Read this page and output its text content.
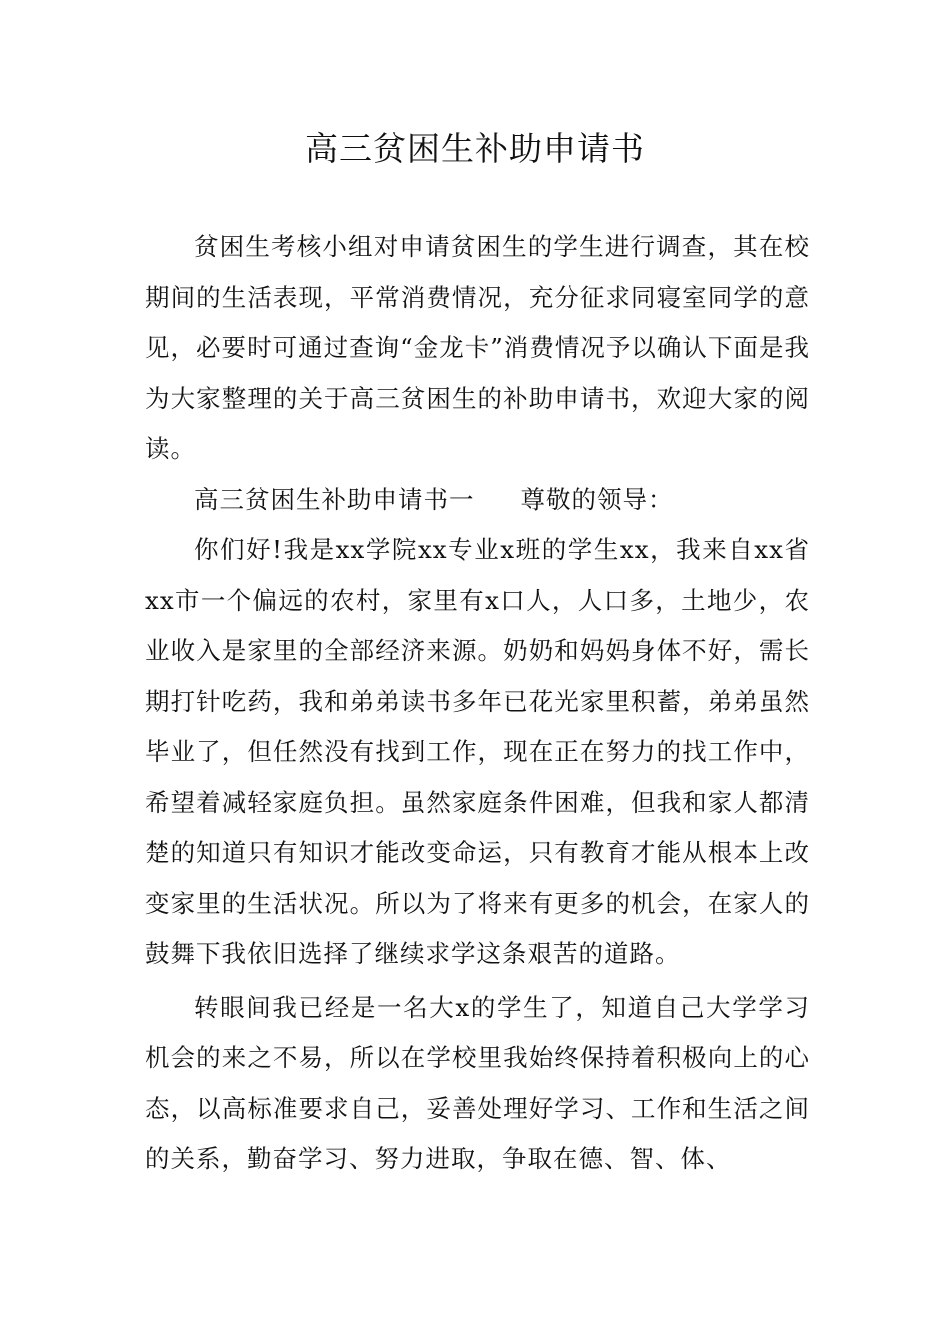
高三贫困生补助申请书

贫困生考核小组对申请贫困生的学生进行调查，其在校期间的生活表现，平常消费情况，充分征求同寝室同学的意见，必要时可通过查询“金龙卡”消费情况予以确认下面是我为大家整理的关于高三贫困生的补助申请书，欢迎大家的阅读。

高三贫困生补助申请书一 尊敬的领导：

你们好!我是xx学院xx专业x班的学生xx，我来自xx省xx市一个偏远的农村，家里有x口人，人口多，土地少，农业收入是家里的全部经济来源。奶奶和妈妈身体不好，需长期打针吃药，我和弟弟读书多年已花光家里积蓄，弟弟虽然毕业了，但任然没有找到工作，现在正在努力的找工作中，希望着减轻家庭负担。虽然家庭条件困难，但我和家人都清楚的知道只有知识才能改变命运，只有教育才能从根本上改变家里的生活状况。所以为了将来有更多的机会，在家人的鼓舞下我依旧选择了继续求学这条艰苦的道路。

转眼间我已经是一名大x的学生了，知道自己大学学习机会的来之不易，所以在学校里我始终保持着积极向上的心态，以高标准要求自己，妥善处理好学习、工作和生活之间的关系，勤奋学习、努力进取，争取在德、智、体、
